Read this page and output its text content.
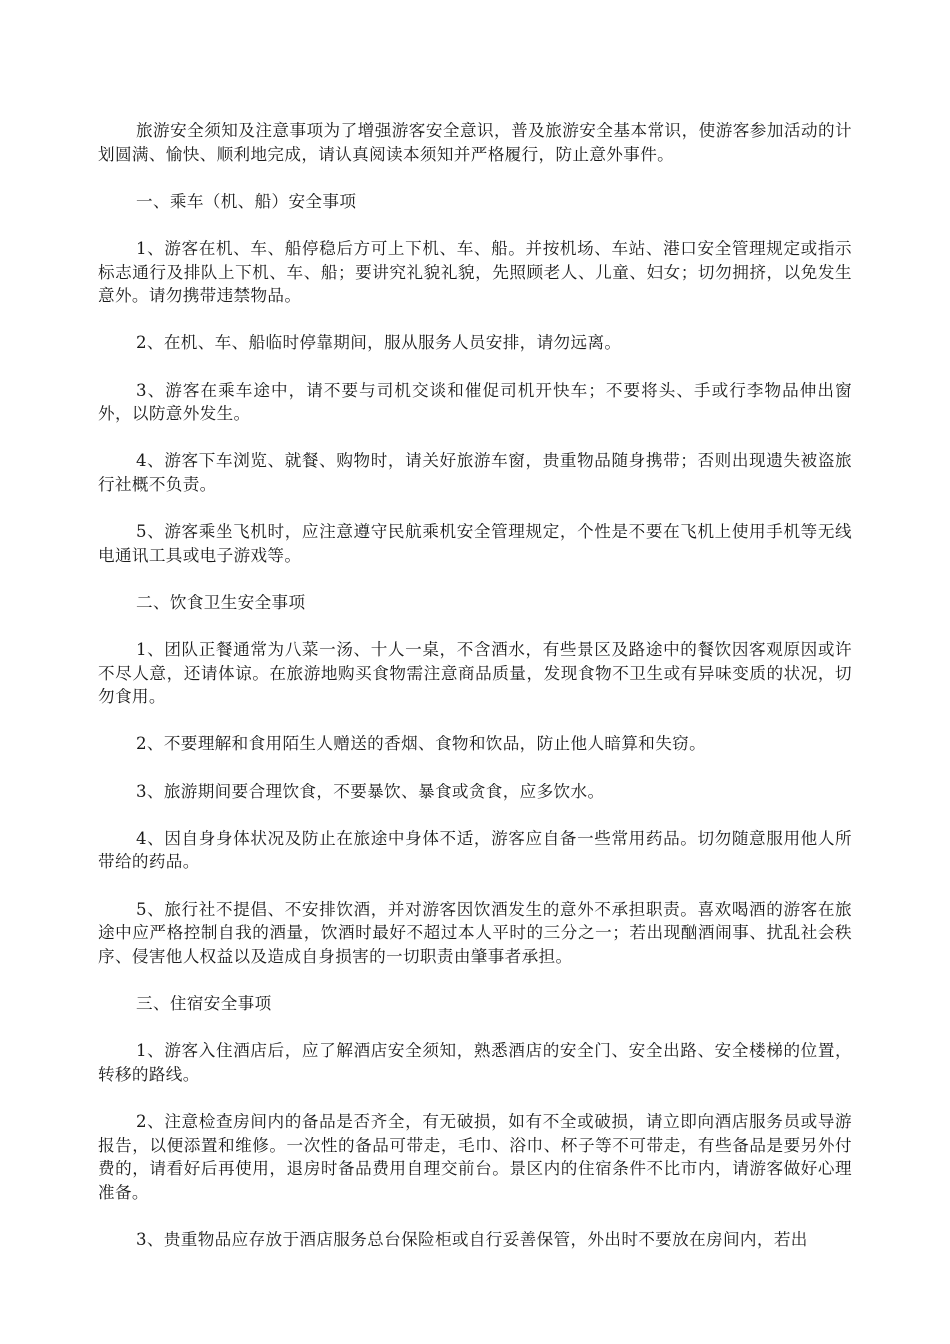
旅游安全须知及注意事项为了增强游客安全意识，普及旅游安全基本常识，使游客参加活动的计划圆满、愉快、顺利地完成，请认真阅读本须知并严格履行，防止意外事件。

一、乘车（机、船）安全事项

1、游客在机、车、船停稳后方可上下机、车、船。并按机场、车站、港口安全管理规定或指示标志通行及排队上下机、车、船；要讲究礼貌礼貌，先照顾老人、儿童、妇女；切勿拥挤，以免发生意外。请勿携带违禁物品。

2、在机、车、船临时停靠期间，服从服务人员安排，请勿远离。

3、游客在乘车途中，请不要与司机交谈和催促司机开快车；不要将头、手或行李物品伸出窗外，以防意外发生。

4、游客下车浏览、就餐、购物时，请关好旅游车窗，贵重物品随身携带；否则出现遗失被盗旅行社概不负责。

5、游客乘坐飞机时，应注意遵守民航乘机安全管理规定，个性是不要在飞机上使用手机等无线电通讯工具或电子游戏等。

二、饮食卫生安全事项

1、团队正餐通常为八菜一汤、十人一桌，不含酒水，有些景区及路途中的餐饮因客观原因或许不尽人意，还请体谅。在旅游地购买食物需注意商品质量，发现食物不卫生或有异味变质的状况，切勿食用。

2、不要理解和食用陌生人赠送的香烟、食物和饮品，防止他人暗算和失窃。

3、旅游期间要合理饮食，不要暴饮、暴食或贪食，应多饮水。

4、因自身身体状况及防止在旅途中身体不适，游客应自备一些常用药品。切勿随意服用他人所带给的药品。

5、旅行社不提倡、不安排饮酒，并对游客因饮酒发生的意外不承担职责。喜欢喝酒的游客在旅途中应严格控制自我的酒量，饮酒时最好不超过本人平时的三分之一；若出现酗酒闹事、扰乱社会秩序、侵害他人权益以及造成自身损害的一切职责由肇事者承担。

三、住宿安全事项

1、游客入住酒店后，应了解酒店安全须知，熟悉酒店的安全门、安全出路、安全楼梯的位置，转移的路线。

2、注意检查房间内的备品是否齐全，有无破损，如有不全或破损，请立即向酒店服务员或导游报告，以便添置和维修。一次性的备品可带走，毛巾、浴巾、杯子等不可带走，有些备品是要另外付费的，请看好后再使用，退房时备品费用自理交前台。景区内的住宿条件不比市内，请游客做好心理准备。

3、贵重物品应存放于酒店服务总台保险柜或自行妥善保管，外出时不要放在房间内，若出
